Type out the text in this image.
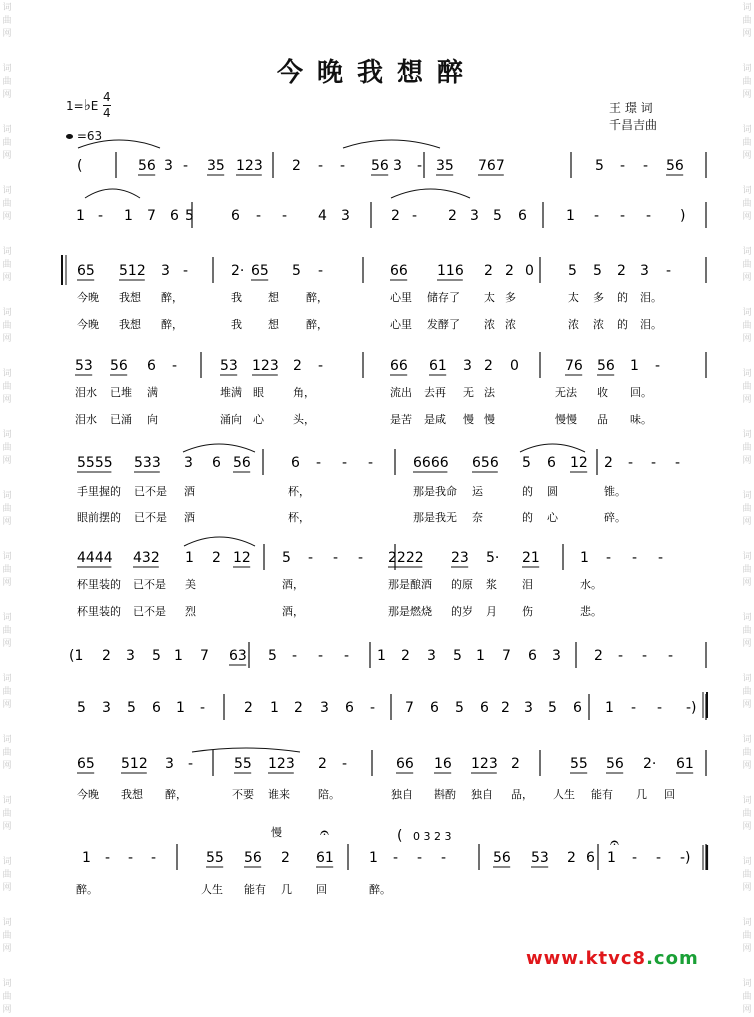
词
曲
网
词
曲
网
词
曲
网
词
曲
网
词
曲
网
词
曲
网
词
曲
网
词
曲
网
词
曲
网
词
曲
网
词
曲
网
词
曲
网
词
曲
网
词
曲
网
词
曲
网
词
曲
网
词
曲
网
词
曲
网
词
曲
网
词
曲
网
词
曲
网
词
曲
网
词
曲
网
词
曲
网
词
曲
网
词
曲
网
词
曲
网
词
曲
网
词
曲
网
词
曲
网
词
曲
网
词
曲
网
词
曲
网
词
曲
网
今晚我想醉
1=♭E
4
4
=63
王 璟 词
千昌吉曲
(	56 3 - 35 123 2 - - 56 3 - 35 767	5 - - 56
1 - 1 7 6 5	6 - - 4 3	2 - 2 3 5 6	1 - - - )
65 512 3 -	2· 65 5 -	66 116 2 2 0 5 5 2 3 -
53 56 6 -	53 123 2 -	66 61 3 2 0	76 56 1 -
5555 533 3 6 56	6 - - -	6666 656 5 6 12 2 - - -
4444 432 1 2 12 5 - - - 2222 23 5· 21	1 - - -
(1 2 3 5 1 7 63 5 - - - 1 2 3 5 1 7 6 3 2 - - -
5 3 5 6 1 -	2 1 2 3 6 - 7 6 5 6 2 3 5 6 1 - - -)
65 512 3 -	55 123 2 -	66 16 123 2	55 56 2· 61
1 - - -	55 56 2 61	1 - - -	56 53 2 6 1 - - -)
今晚 我想 醉，	我 想 醉，	心里 储存了 太 多	太 多 的 泪。
今晚 我想 醉，	我 想 醉，	心里 发酵了 浓 浓	浓 浓 的 泪。
泪水 已堆 满	堆满 眼	角，	流出 去再 无 法	无法 收 回。
泪水 已涌 向	涌向 心	头，	是苦 是咸 慢 慢	慢慢 品 味。
手里握的 已不是 酒	杯，	那是我命 运	的 圆	锥。
眼前摆的 已不是 酒	杯，	那是我无 奈	的 心	碎。
杯里装的 已不是 美	酒，	那是酿酒 的原 浆 泪	水。
杯里装的 已不是 烈	酒，	那是燃烧 的岁 月 伤	悲。
今晚 我想 醉，	不要 谁来	陪。	独自 斟酌 独自 品， 人生 能有 几 回
醉。	人生 能有 几 回	醉。
慢 𝄐
𝄐
( 0 3 2 3
www.ktvc8.com
